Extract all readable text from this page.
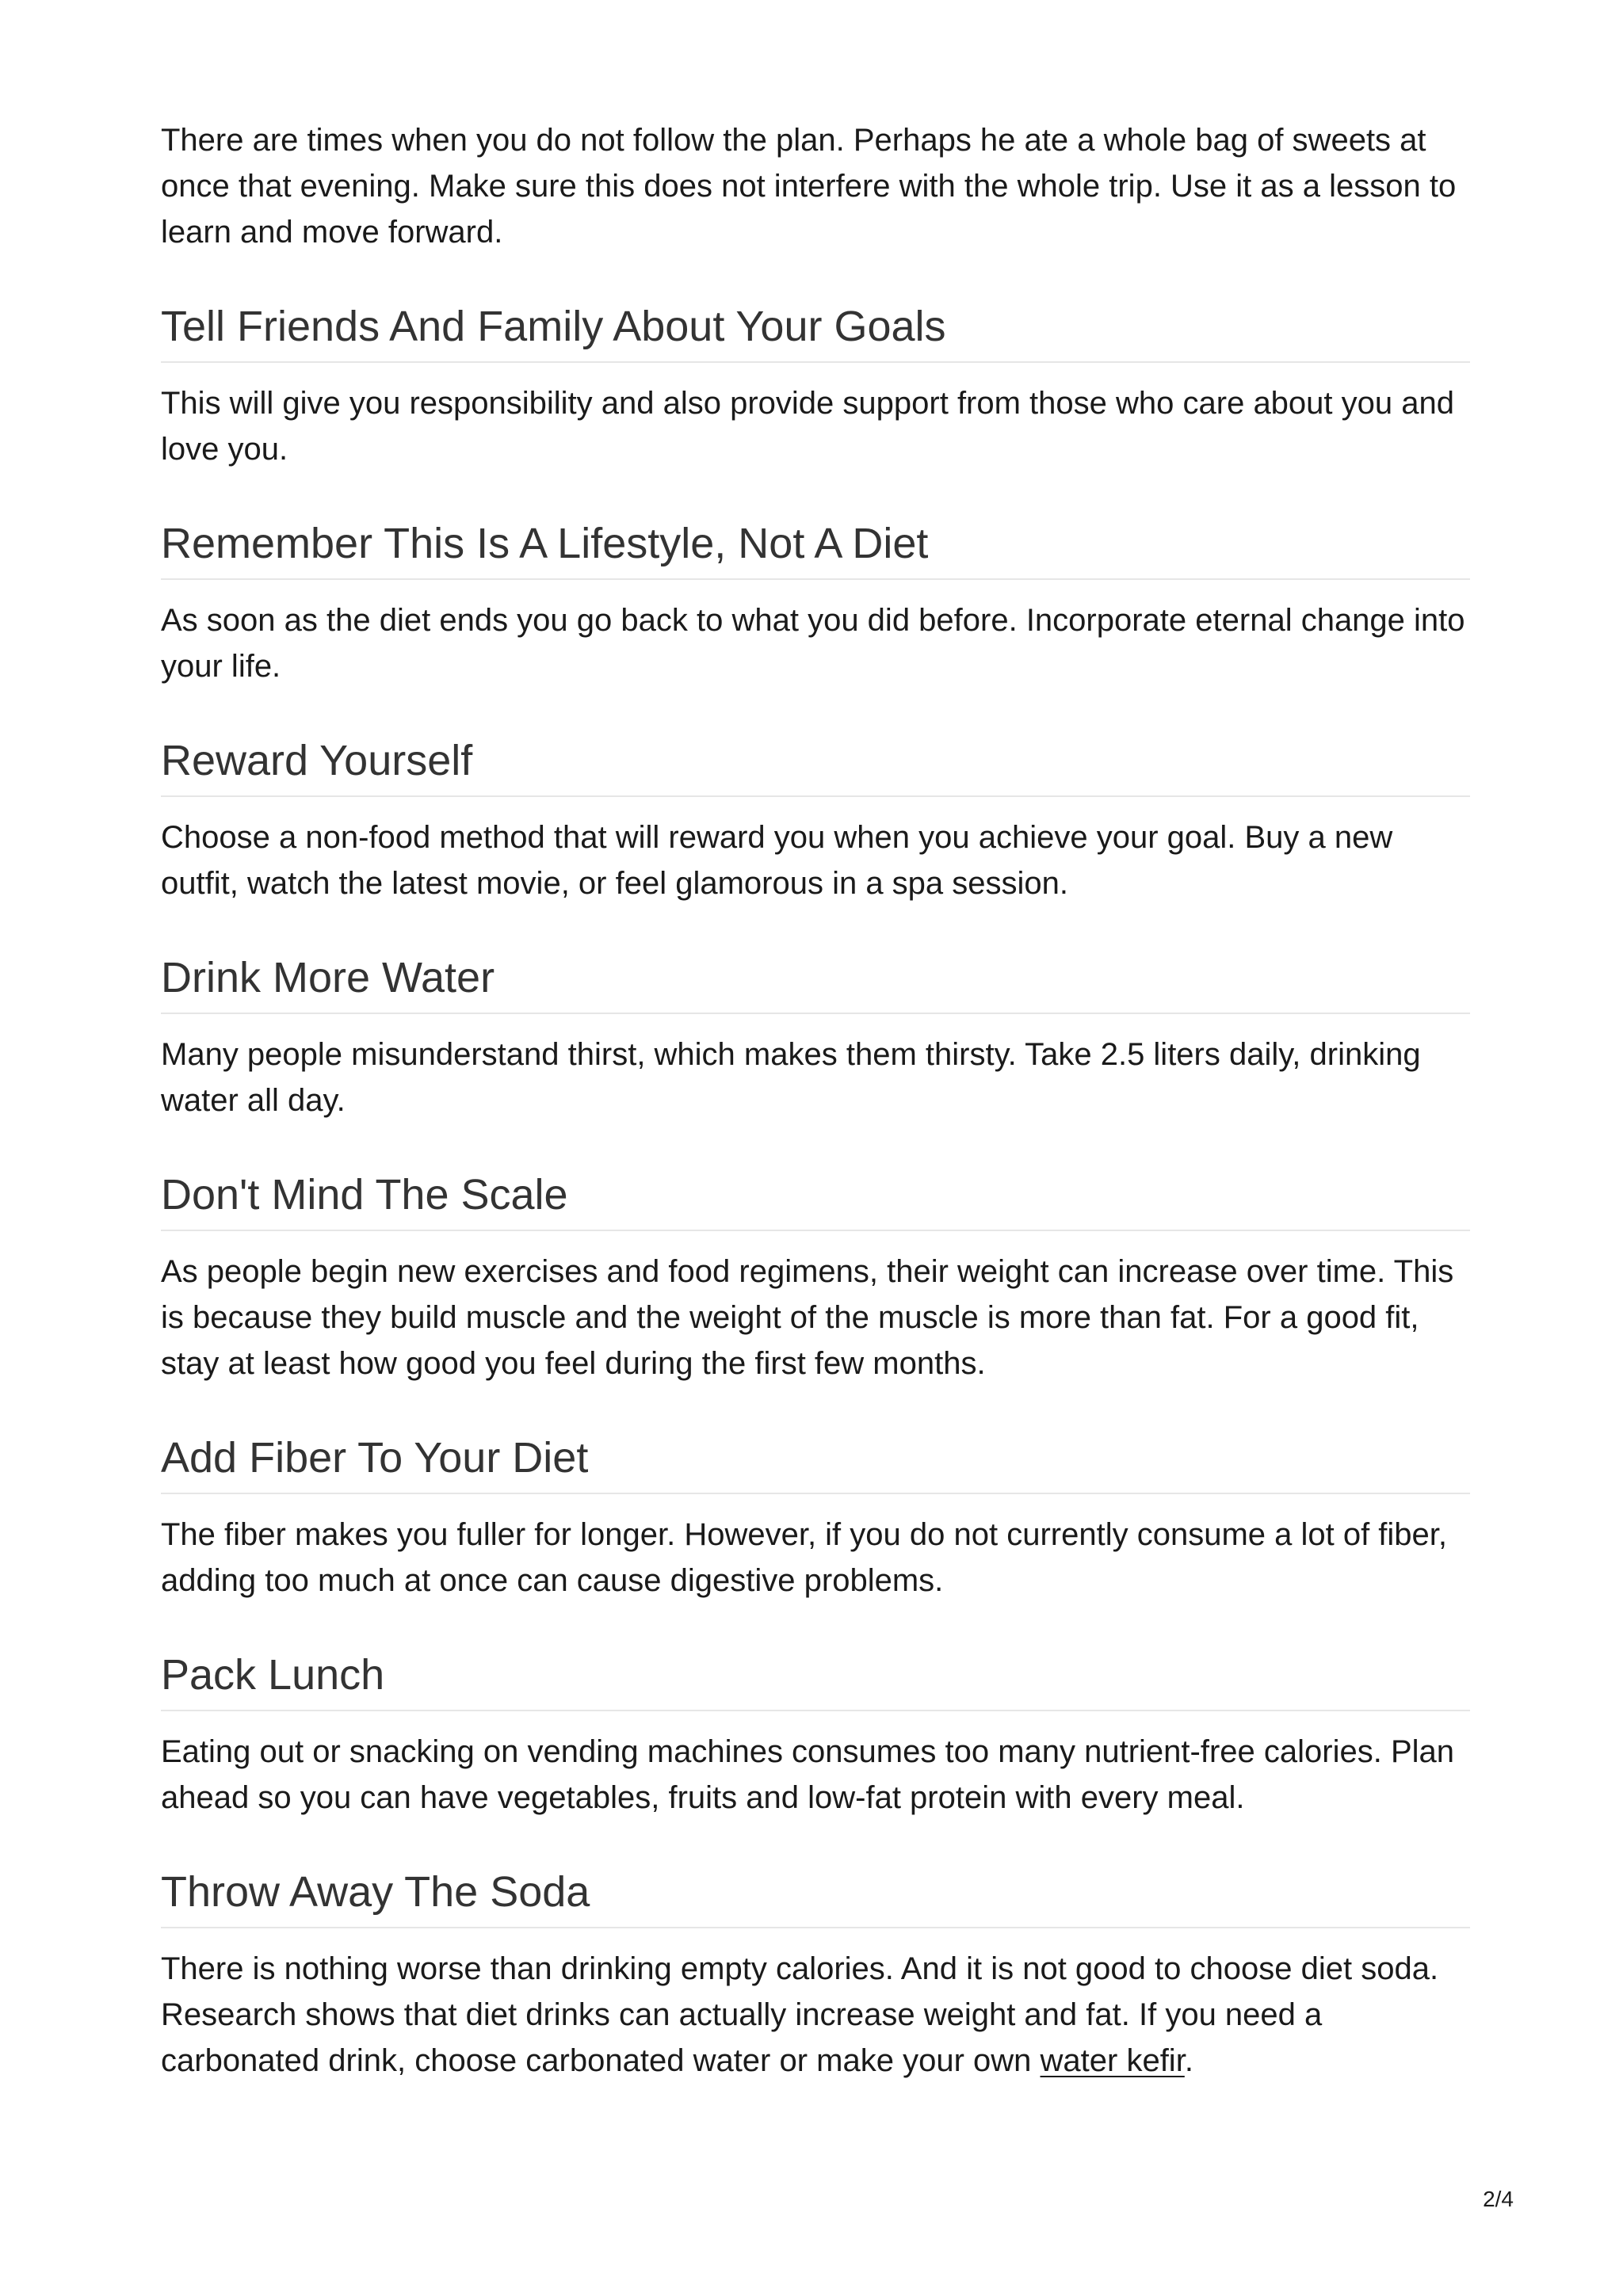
There are times when you do not follow the plan. Perhaps he ate a whole bag of sweets at once that evening. Make sure this does not interfere with the whole trip. Use it as a lesson to learn and move forward.

Tell Friends And Family About Your Goals

This will give you responsibility and also provide support from those who care about you and love you.

Remember This Is A Lifestyle, Not A Diet

As soon as the diet ends you go back to what you did before. Incorporate eternal change into your life.

Reward Yourself

Choose a non-food method that will reward you when you achieve your goal. Buy a new outfit, watch the latest movie, or feel glamorous in a spa session.

Drink More Water

Many people misunderstand thirst, which makes them thirsty. Take 2.5 liters daily, drinking water all day.

Don't Mind The Scale

As people begin new exercises and food regimens, their weight can increase over time. This is because they build muscle and the weight of the muscle is more than fat. For a good fit, stay at least how good you feel during the first few months.

Add Fiber To Your Diet

The fiber makes you fuller for longer. However, if you do not currently consume a lot of fiber, adding too much at once can cause digestive problems.

Pack Lunch

Eating out or snacking on vending machines consumes too many nutrient-free calories. Plan ahead so you can have vegetables, fruits and low-fat protein with every meal.

Throw Away The Soda

There is nothing worse than drinking empty calories. And it is not good to choose diet soda. Research shows that diet drinks can actually increase weight and fat. If you need a carbonated drink, choose carbonated water or make your own water kefir.

2/4
